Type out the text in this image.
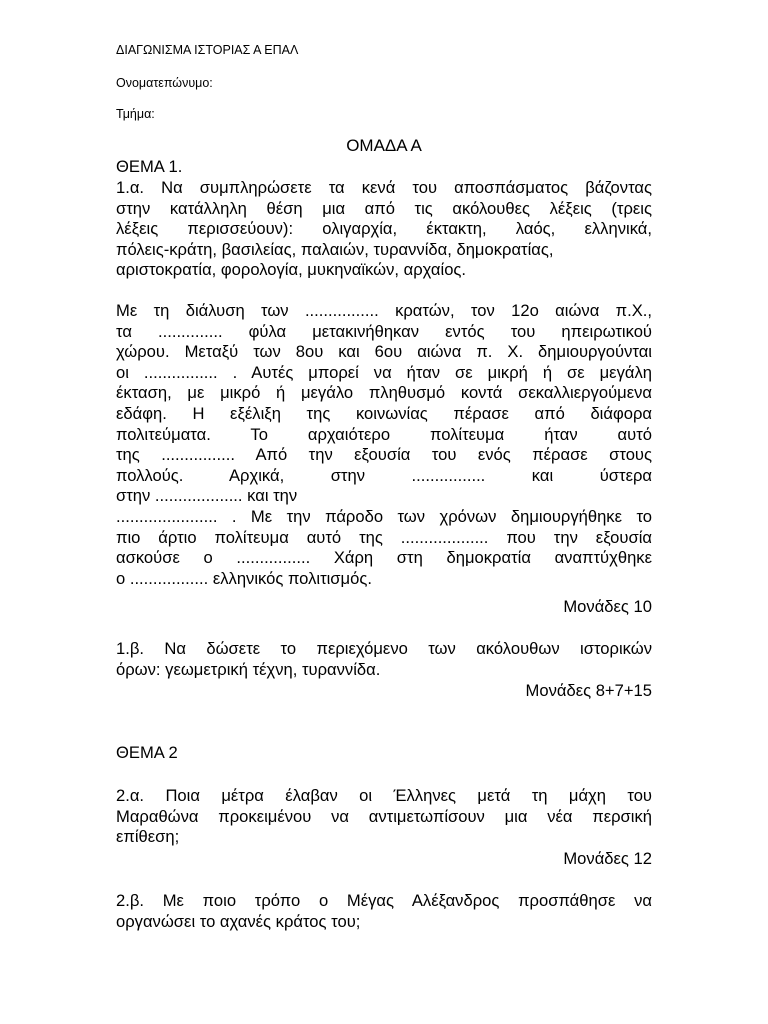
ΔΙΑΓΩΝΙΣΜΑ ΙΣΤΟΡΙΑΣ Α ΕΠΑΛ
Ονοματεπώνυμο:
Τμήμα:
ΟΜΑΔΑ Α
ΘΕΜΑ 1.
1.α. Να συμπληρώσετε τα κενά του αποσπάσματος βάζοντας
στην κατάλληλη θέση μια από τις ακόλουθες λέξεις (τρεις
λέξεις περισσεύουν): ολιγαρχία, έκτακτη, λαός, ελληνικά,
πόλεις-κράτη, βασιλείας, παλαιών, τυραννίδα, δημοκρατίας,
αριστοκρατία, φορολογία, μυκηναϊκών, αρχαίος.
Με τη διάλυση των ................ κρατών, τον 12ο αιώνα π.Χ.,
τα .............. φύλα μετακινήθηκαν εντός του ηπειρωτικού
χώρου. Μεταξύ των 8ου και 6ου αιώνα π. Χ. δημιουργούνται
οι ................ . Αυτές μπορεί να ήταν σε μικρή ή σε μεγάλη
έκταση, με μικρό ή μεγάλο πληθυσμό κοντά σεκαλλιεργούμενα
εδάφη. Η εξέλιξη της κοινωνίας πέρασε από διάφορα
πολιτεύματα. Το αρχαιότερο πολίτευμα ήταν αυτό
της ................ Από την εξουσία του ενός πέρασε στους
πολλούς. Αρχικά, στην ................ και ύστερα
στην ................... και την
...................... . Με την πάροδο των χρόνων δημιουργήθηκε το
πιο άρτιο πολίτευμα αυτό της ................... που την εξουσία
ασκούσε ο ................ Χάρη στη δημοκρατία αναπτύχθηκε
ο ................. ελληνικός πολιτισμός.
Μονάδες 10
1.β. Να δώσετε το περιεχόμενο των ακόλουθων ιστορικών
όρων: γεωμετρική τέχνη, τυραννίδα.
Μονάδες 8+7+15
ΘΕΜΑ 2
2.α. Ποια μέτρα έλαβαν οι Έλληνες μετά τη μάχη του
Μαραθώνα προκειμένου να αντιμετωπίσουν μια νέα περσική
επίθεση;
Μονάδες 12
2.β. Με ποιο τρόπο ο Μέγας Αλέξανδρος προσπάθησε να
οργανώσει το αχανές κράτος του;
